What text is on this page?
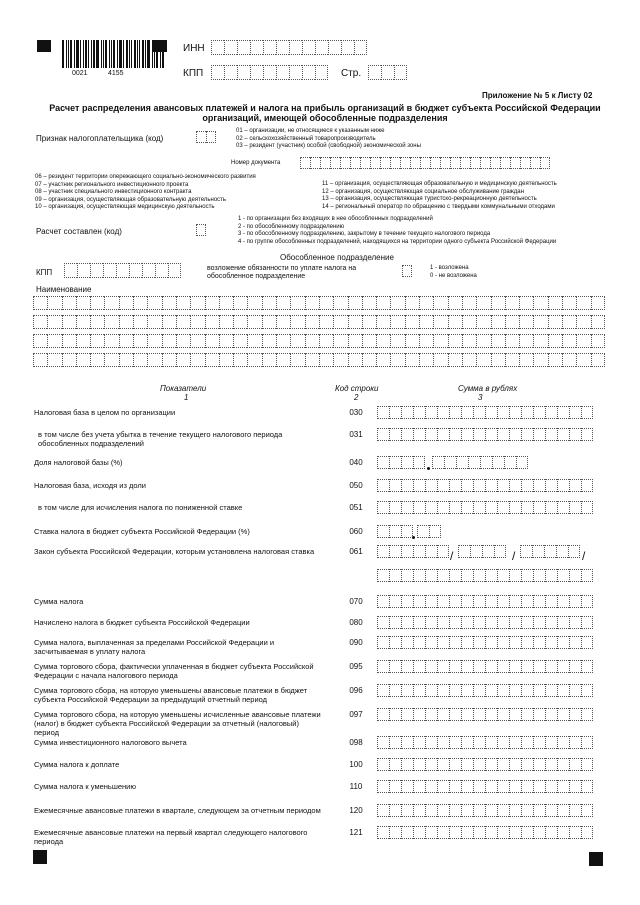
0021	4155
ИНН
КПП	Стр.
Приложение № 5 к Листу 02
Расчет распределения авансовых платежей и налога на прибыль организаций в бюджет субъекта Российской Федерации организаций, имеющей обособленные подразделения
Признак налогоплательщика (код)
01 – организации, не относящиеся к указанным ниже
02 – сельскохозяйственный товаропроизводитель
03 – резидент (участник) особой (свободной) экономической зоны
Номер документа
06 – резидент территории опережающего социально-экономического развития
07 – участник регионального инвестиционного проекта
08 – участник специального инвестиционного контракта
09 – организация, осуществляющая образовательную деятельность
10 – организация, осуществляющая медицинскую деятельность
11 – организация, осуществляющая образовательную и медицинскую деятельность
12 – организация, осуществляющая социальное обслуживание граждан
13 – организация, осуществляющая туристско-рекреационную деятельность
14 – региональный оператор по обращению с твердыми коммунальными отходами
Расчет составлен (код)
1 - по организации без входящих в нее обособленных подразделений
2 - по обособленному подразделению
3 - по обособленному подразделению, закрытому в течение текущего налогового периода
4 - по группе обособленных подразделений, находящихся на территории одного субъекта Российской Федерации
Обособленное подразделение
КПП	возложение обязанности по уплате налога на обособленное подразделение
1 - возложена
0 - не возложена
Наименование
Показатели
1
Код строки
2
Сумма в рублях
3
Налоговая база в целом по организации	030
в том числе без учета убытка в течение текущего налогового периода обособленных подразделений
031
Доля налоговой базы (%)	040
Налоговая база, исходя из доли	050
в том числе для исчисления налога по пониженной ставке	051
Ставка налога в бюджет субъекта Российской Федерации (%)	060
Закон субъекта Российской Федерации, которым установлена налоговая ставка	061
Сумма налога	070
Начислено налога в бюджет субъекта Российской Федерации	080
Сумма налога, выплаченная за пределами Российской Федерации и засчитываемая в уплату налога
090
Сумма торгового сбора, фактически уплаченная в бюджет субъекта Российской Федерации с начала налогового периода
095
Сумма торгового сбора, на которую уменьшены авансовые платежи в бюджет субъекта Российской Федерации за предыдущий отчетный период
096
Сумма торгового сбора, на которую уменьшены исчисленные авансовые платежи (налог) в бюджет субъекта Российской Федерации за отчетный (налоговый) период
097
Сумма инвестиционного налогового вычета	098
Сумма налога к доплате	100
Сумма налога к уменьшению	110
Ежемесячные авансовые платежи в квартале, следующем за отчетным периодом	120
Ежемесячные авансовые платежи на первый квартал следующего налогового периода
121
/	/	/
